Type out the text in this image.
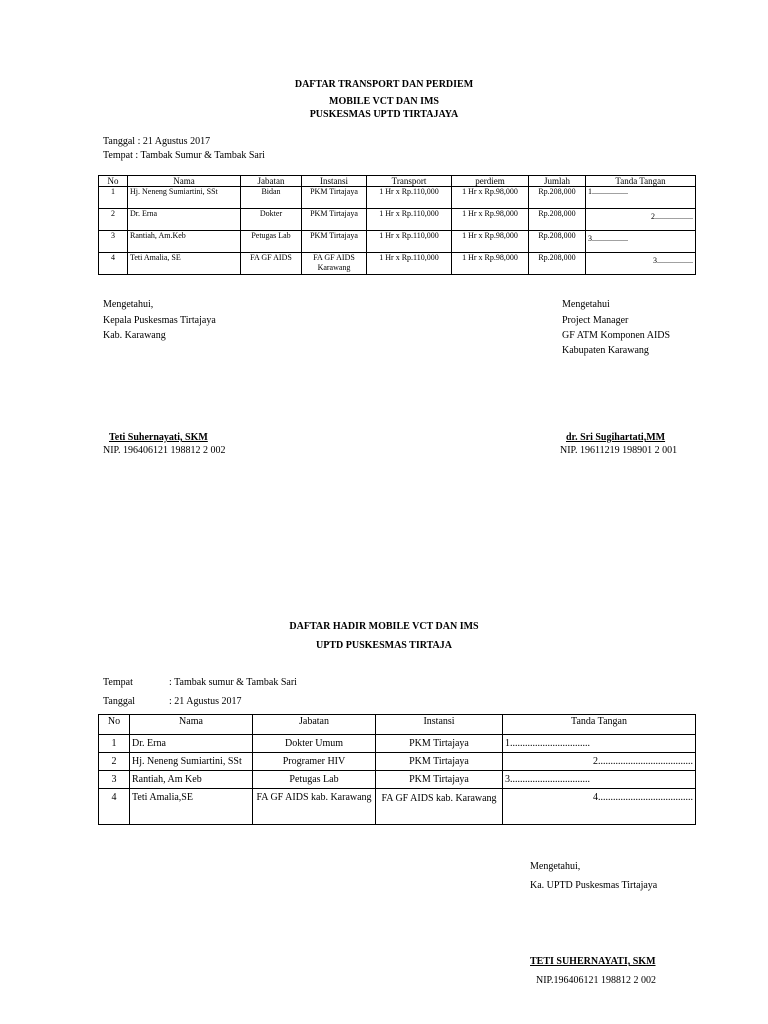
DAFTAR TRANSPORT DAN PERDIEM
MOBILE VCT DAN IMS
PUSKESMAS UPTD TIRTAJAYA
Tanggal : 21 Agustus 2017
Tempat : Tambak Sumur & Tambak Sari
No	Nama	Jabatan	Instansi	Transport	perdiem	Jumlah	Tanda Tangan
1	Hj. Neneng Sumiartini, SSt	Bidan	PKM Tirtajaya	1 Hr x Rp.110,000	1 Hr x Rp.98,000	Rp.208,000	1..................
2	Dr. Erna	Dokter	PKM Tirtajaya	1 Hr x Rp.110,000	1 Hr x Rp.98,000	Rp.208,000	2...................
3	Rantiah, Am.Keb	Petugas Lab	PKM Tirtajaya	1 Hr x Rp.110,000	1 Hr x Rp.98,000	Rp.208,000	3..................
4	Teti Amalia, SE	FA GF AIDS	FA GF AIDS Karawang	1 Hr x Rp.110,000	1 Hr x Rp.98,000	Rp.208,000	3..................
Mengetahui,
Kepala Puskesmas Tirtajaya
Kab. Karawang
Teti Suhernayati, SKM
NIP. 196406121 198812 2 002
Mengetahui
Project Manager
GF ATM Komponen AIDS
Kabupaten Karawang
dr. Sri Sugihartati,MM
NIP. 19611219 198901 2 001
DAFTAR HADIR MOBILE VCT DAN IMS
UPTD PUSKESMAS TIRTAJA
Tempat	: Tambak sumur & Tambak Sari
Tanggal	: 21 Agustus 2017
No	Nama	Jabatan	Instansi	Tanda Tangan
1	Dr. Erna	Dokter Umum	PKM Tirtajaya	1................................
2	Hj. Neneng Sumiartini, SSt	Programer HIV	PKM Tirtajaya	2......................................
3	Rantiah, Am Keb	Petugas Lab	PKM Tirtajaya	3................................
4	Teti Amalia,SE	FA GF AIDS kab. Karawang	FA GF AIDS kab. Karawang	4......................................
Mengetahui,
Ka. UPTD Puskesmas Tirtajaya
TETI SUHERNAYATI, SKM
NIP.196406121 198812 2 002
